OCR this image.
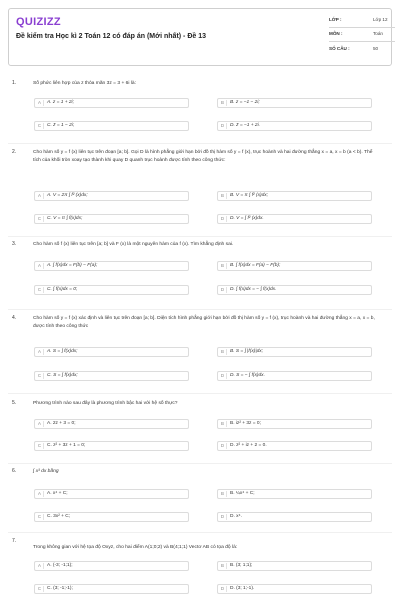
QUIZIZZ
Đề kiểm tra Học kì 2 Toán 12 có đáp án (Mới nhất) - Đề 13
LỚP :	Lớp 12
MÔN :	Toán
SỐ CÂU :	50
1.	Số phức liên hợp của z thỏa mãn 3z = 3 + 6i là:
A	A. z = 1 + 2i;	B	B. z = −1 − 2i;
C	C. z̄ = 1 − 2i;	D	D. z̄ = −1 + 2i.
2.	Cho hàm số y = f (x) liên tục trên đoạn [a; b]. Gọi D là hình phẳng giới hạn bởi đồ thị hàm số y = f (x), trục hoành và hai đường thẳng x = a, x = b (a < b). Thể tích của khối tròn xoay tạo thành khi quay D quanh trục hoành được tính theo công thức:
A	A. V = 2π ∫ f² (x)dx;	B	B. V = π ∫ f² (x)dx;
C	C. V = π ∫ f(x)dx;	D	D. V = ∫ f² (x)dx.
3.	Cho hàm số f (x) liên tục trên [a; b] và F (x) là một nguyên hàm của f (x). Tìm khẳng định sai.
A	A. ∫ f(x)dx = F(b) − F(a);	B	B. ∫ f(x)dx = F(a) − F(b);
C	C. ∫ f(x)dx = 0;	D	D. ∫ f(x)dx = − ∫ f(x)dx.
4.	Cho hàm số y = f (x) xác định và liên tục trên đoạn [a; b]. Diện tích hình phẳng giới hạn bởi đồ thị hàm số y = f (x), trục hoành và hai đường thẳng x = a, x = b, được tính theo công thức
A	A. S = ∫ f(x)dx;	B	B. S = ∫ |f(x)|dx;
C	C. S = ∫ f(x)dx;	D	D. S = − ∫ f(x)dx.
5.	Phương trình nào sau đây là phương trình bậc hai với hệ số thực?
A	A. 2z + 3 = 0;	B	B. iz² + 3z = 0;
C	C. z² + 3z + 1 = 0;	D	D. z² + iz + 2 = 0.
6.	∫ x³ dx bằng
A	A. x⁴ + C;	B	B. ¼x⁴ + C;
C	C. 3x² + C;	D	D. x⁴.
7.
Trong không gian với hệ tọa độ Oxyz, cho hai điểm A(1;0;2) và B(4;1;1) Vectơ AB có tọa độ là:
A	A. (-3; -1;1);	B	B. (3; 1;1);
C	C. (3; -1;-1);	D	D. (3; 1;-1).
